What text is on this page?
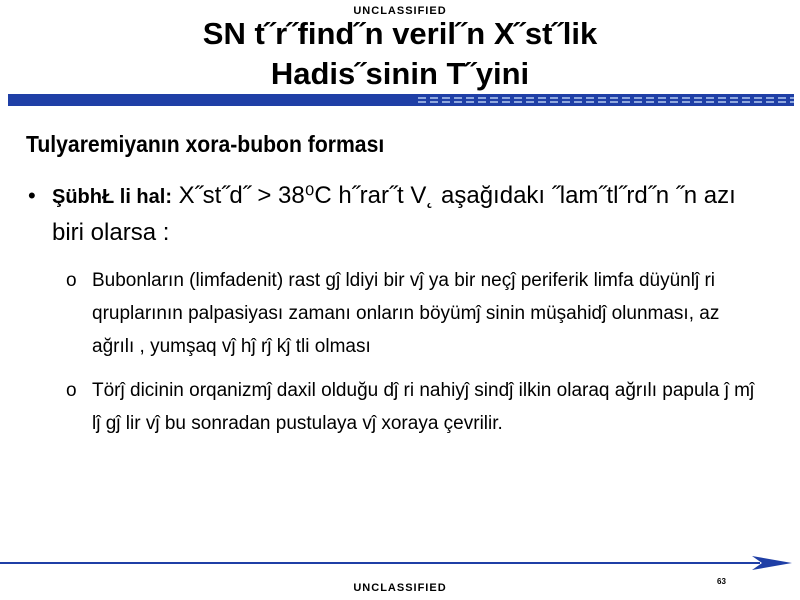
UNCLASSIFIED
SN t˝r˝find˝n veril˝n X˝st˝lik
Hadis˝sinin T˝yini
Tulyaremiyanın xora-bubon forması
• ŞübhŁ li hal: X˝st˝d˝ > 38⁰C h˝rar˝t V˛ aşağıdakı ˝lam˝tl˝rd˝n ˝n azı biri olarsa :
o Bubonların (limfadenit) rast gĵ ldiyi bir vĵ ya bir neçĵ periferik limfa düyünlĵ ri qruplarının palpasiyası zamanı onların böyümĵ sinin müşahidĵ olunması, az ağrılı , yumşaq vĵ hĵ rĵ kĵ tli olması
o Törĵ dicinin orqanizmĵ daxil olduğu dĵ ri nahiyĵ sindĵ ilkin olaraq ağrılı papula ĵ mĵ lĵ gĵ lir vĵ bu sonradan pustulaya vĵ xoraya çevrilir.
63
UNCLASSIFIED
